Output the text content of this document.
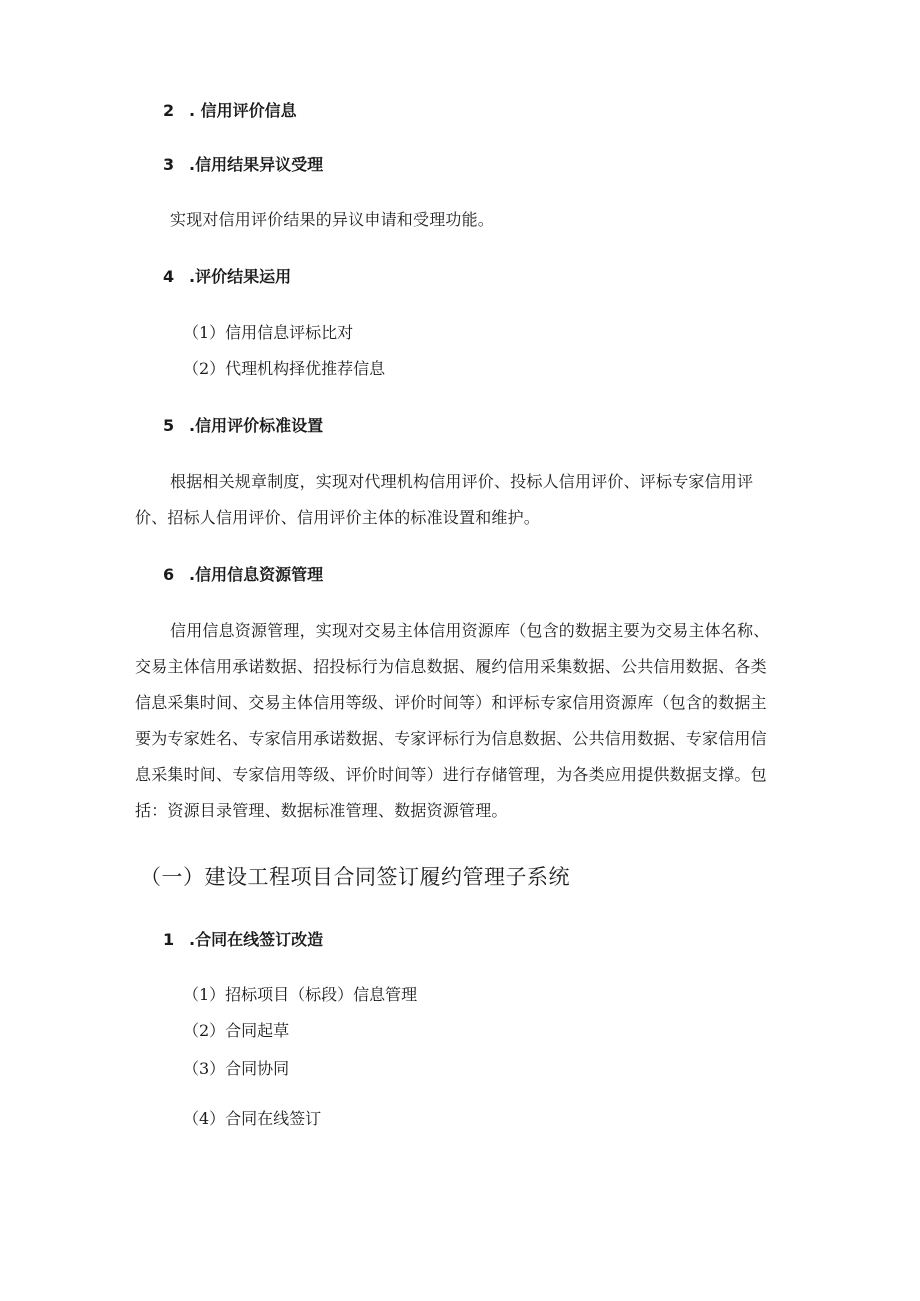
2 . 信用评价信息
3 .信用结果异议受理
实现对信用评价结果的异议申请和受理功能。
4 .评价结果运用
（1）信用信息评标比对
（2）代理机构择优推荐信息
5 .信用评价标准设置
根据相关规章制度，实现对代理机构信用评价、投标人信用评价、评标专家信用评
价、招标人信用评价、信用评价主体的标准设置和维护。
6 .信用信息资源管理
信用信息资源管理，实现对交易主体信用资源库（包含的数据主要为交易主体名称、
交易主体信用承诺数据、招投标行为信息数据、履约信用采集数据、公共信用数据、各类
信息采集时间、交易主体信用等级、评价时间等）和评标专家信用资源库（包含的数据主
要为专家姓名、专家信用承诺数据、专家评标行为信息数据、公共信用数据、专家信用信
息采集时间、专家信用等级、评价时间等）进行存储管理，为各类应用提供数据支撑。包
括：资源目录管理、数据标准管理、数据资源管理。
（一）建设工程项目合同签订履约管理子系统
1 .合同在线签订改造
（1）招标项目（标段）信息管理
（2）合同起草
（3）合同协同
（4）合同在线签订
